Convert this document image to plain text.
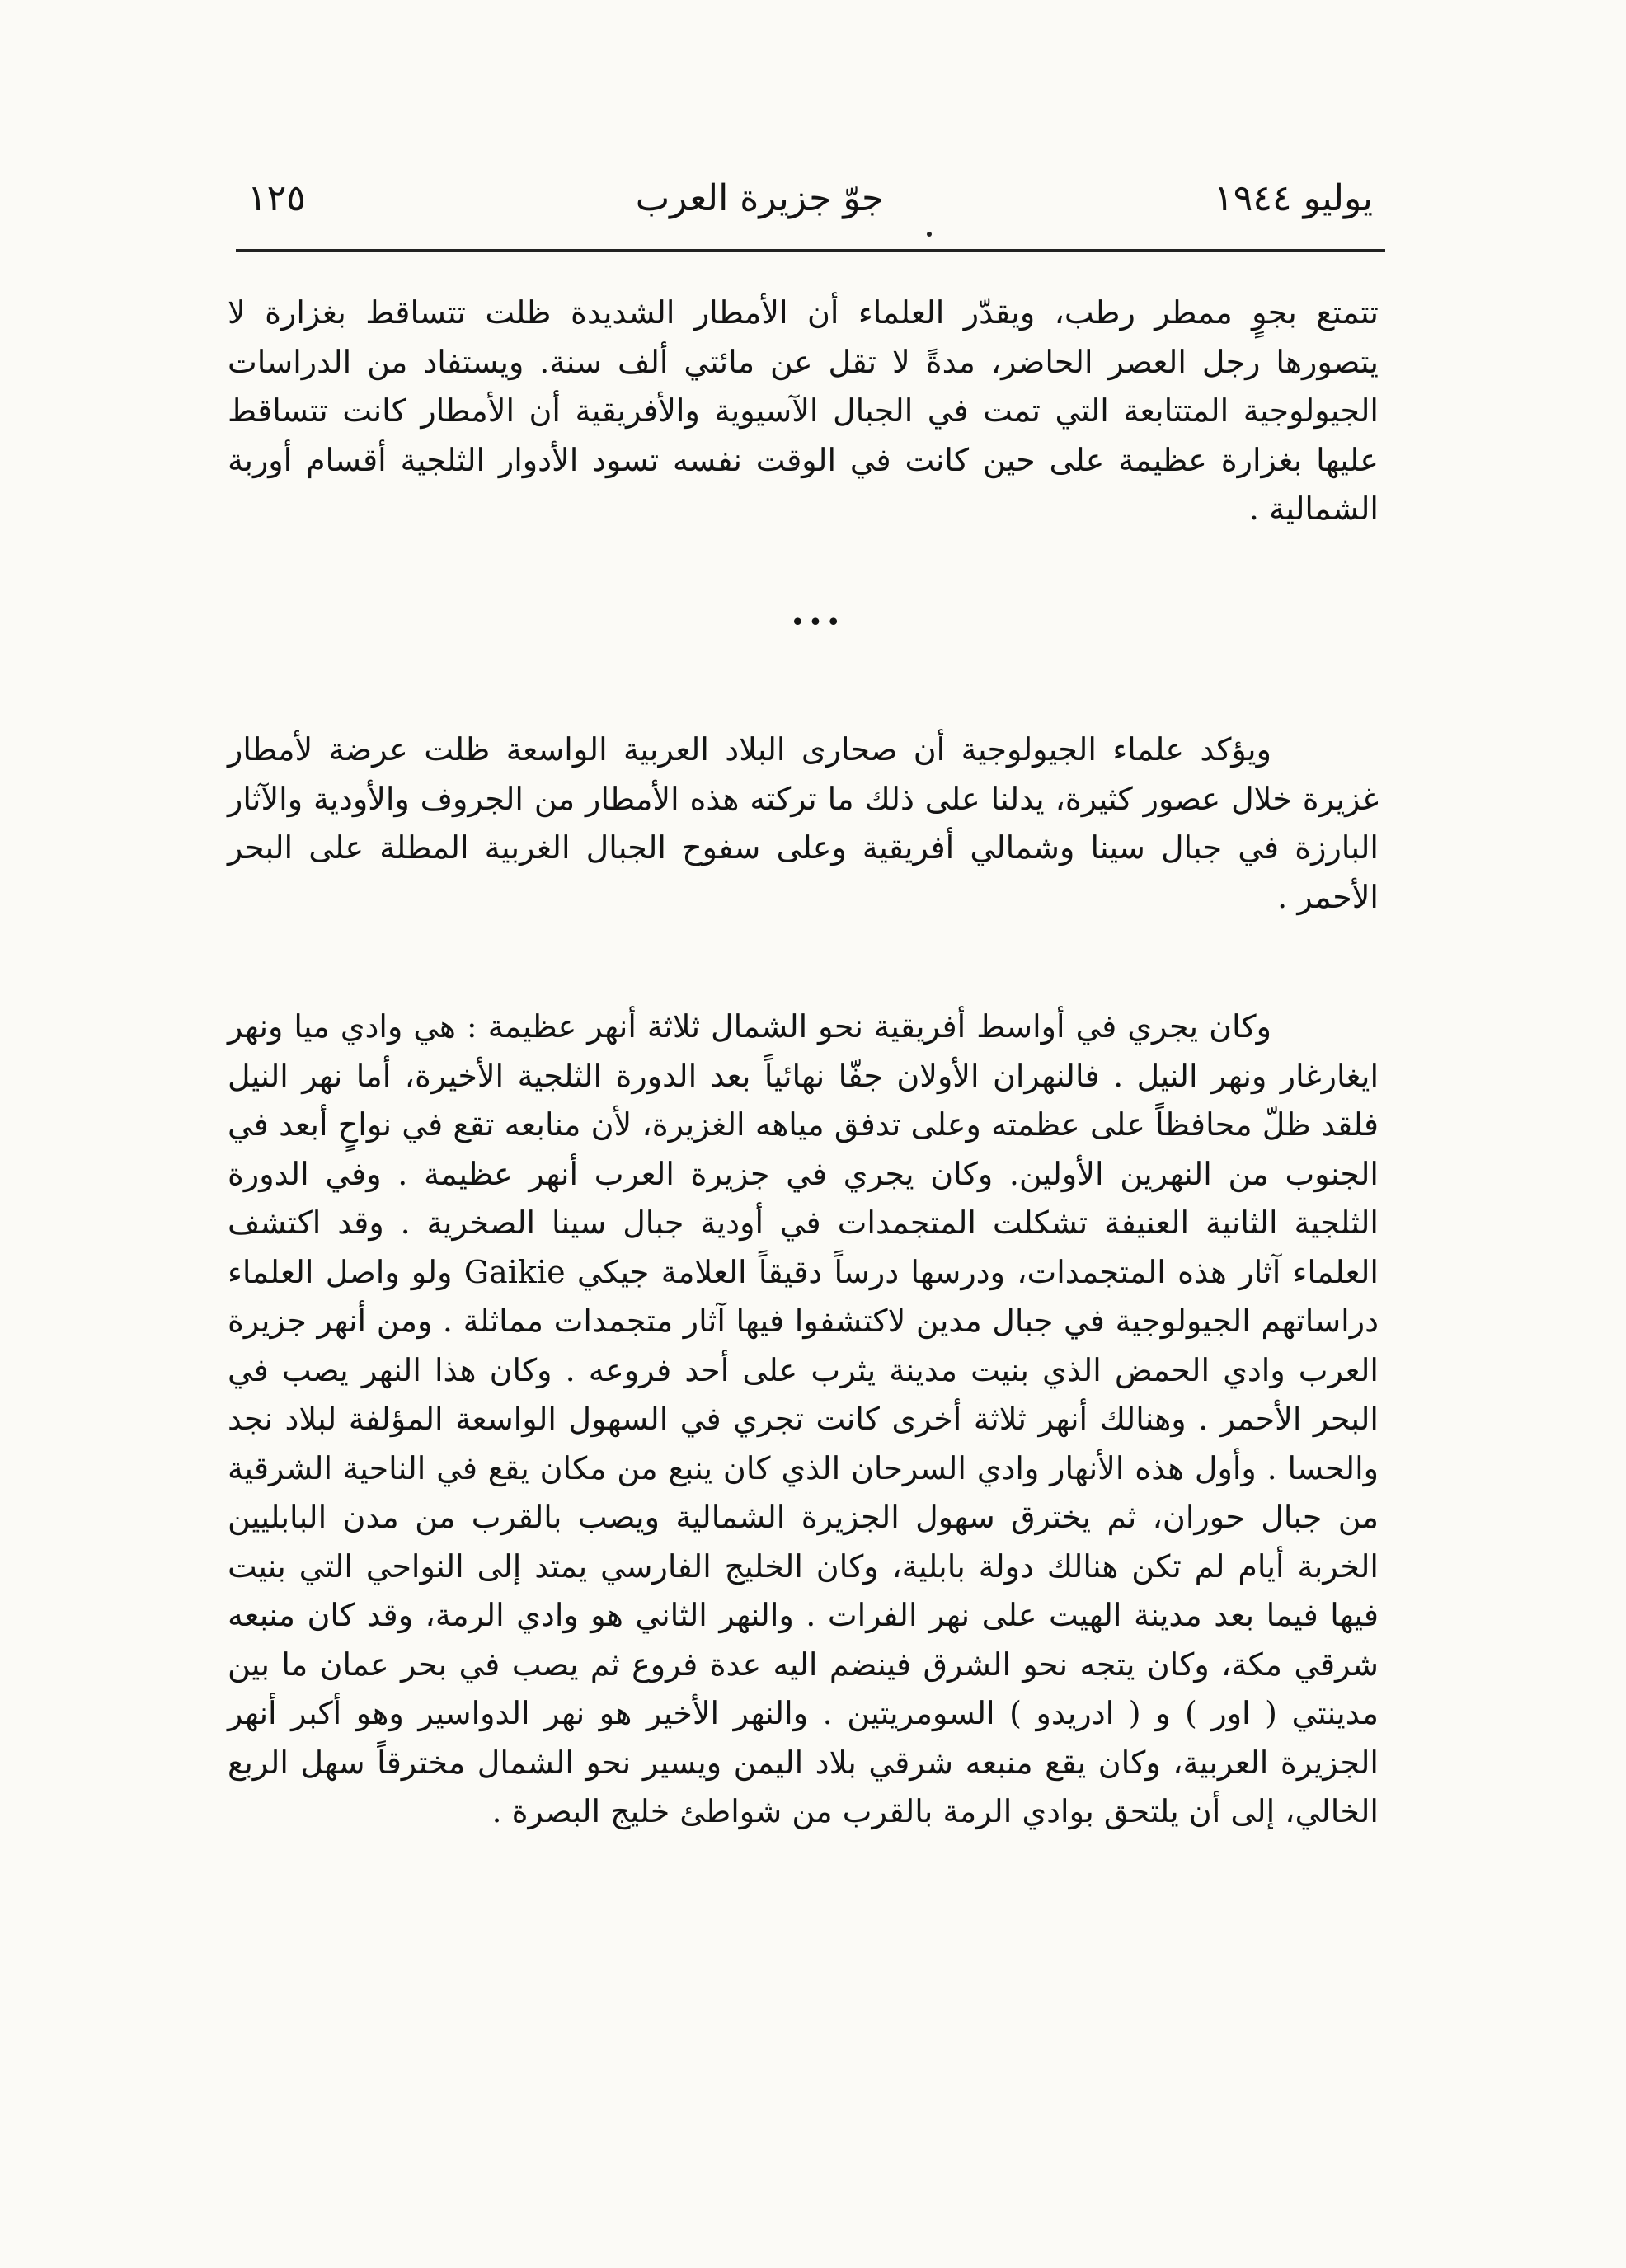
يوليو ١٩٤٤
جوّ جزيرة العرب
١٢٥

تتمتع بجوٍ ممطر رطب، ويقدّر العلماء أن الأمطار الشديدة ظلت تتساقط بغزارة لا يتصورها رجل العصر الحاضر، مدةً لا تقل عن مائتي ألف سنة. ويستفاد من الدراسات الجيولوجية المتتابعة التي تمت في الجبال الآسيوية والأفريقية أن الأمطار كانت تتساقط عليها بغزارة عظيمة على حين كانت في الوقت نفسه تسود الأدوار الثلجية أقسام أوربة الشمالية .

•••

ويؤكد علماء الجيولوجية أن صحارى البلاد العربية الواسعة ظلت عرضة لأمطار غزيرة خلال عصور كثيرة، يدلنا على ذلك ما تركته هذه الأمطار من الجروف والأودية والآثار البارزة في جبال سينا وشمالي أفريقية وعلى سفوح الجبال الغربية المطلة على البحر الأحمر .

وكان يجري في أواسط أفريقية نحو الشمال ثلاثة أنهر عظيمة : هي وادي ميا ونهر ايغارغار ونهر النيل . فالنهران الأولان جفّا نهائياً بعد الدورة الثلجية الأخيرة، أما نهر النيل فلقد ظلّ محافظاً على عظمته وعلى تدفق مياهه الغزيرة، لأن منابعه تقع في نواحٍ أبعد في الجنوب من النهرين الأولين. وكان يجري في جزيرة العرب أنهر عظيمة . وفي الدورة الثلجية الثانية العنيفة تشكلت المتجمدات في أودية جبال سينا الصخرية . وقد اكتشف العلماء آثار هذه المتجمدات، ودرسها درساً دقيقاً العلامة جيكي Gaikie ولو واصل العلماء دراساتهم الجيولوجية في جبال مدين لاكتشفوا فيها آثار متجمدات مماثلة . ومن أنهر جزيرة العرب وادي الحمض الذي بنيت مدينة يثرب على أحد فروعه . وكان هذا النهر يصب في البحر الأحمر . وهنالك أنهر ثلاثة أخرى كانت تجري في السهول الواسعة المؤلفة لبلاد نجد والحسا . وأول هذه الأنهار وادي السرحان الذي كان ينبع من مكان يقع في الناحية الشرقية من جبال حوران، ثم يخترق سهول الجزيرة الشمالية ويصب بالقرب من مدن البابليين الخربة أيام لم تكن هنالك دولة بابلية، وكان الخليج الفارسي يمتد إلى النواحي التي بنيت فيها فيما بعد مدينة الهيت على نهر الفرات . والنهر الثاني هو وادي الرمة، وقد كان منبعه شرقي مكة، وكان يتجه نحو الشرق فينضم اليه عدة فروع ثم يصب في بحر عمان ما بين مدينتي ( اور ) و ( ادريدو ) السومريتين . والنهر الأخير هو نهر الدواسير وهو أكبر أنهر الجزيرة العربية، وكان يقع منبعه شرقي بلاد اليمن ويسير نحو الشمال مخترقاً سهل الربع الخالي، إلى أن يلتحق بوادي الرمة بالقرب من شواطئ خليج البصرة .
